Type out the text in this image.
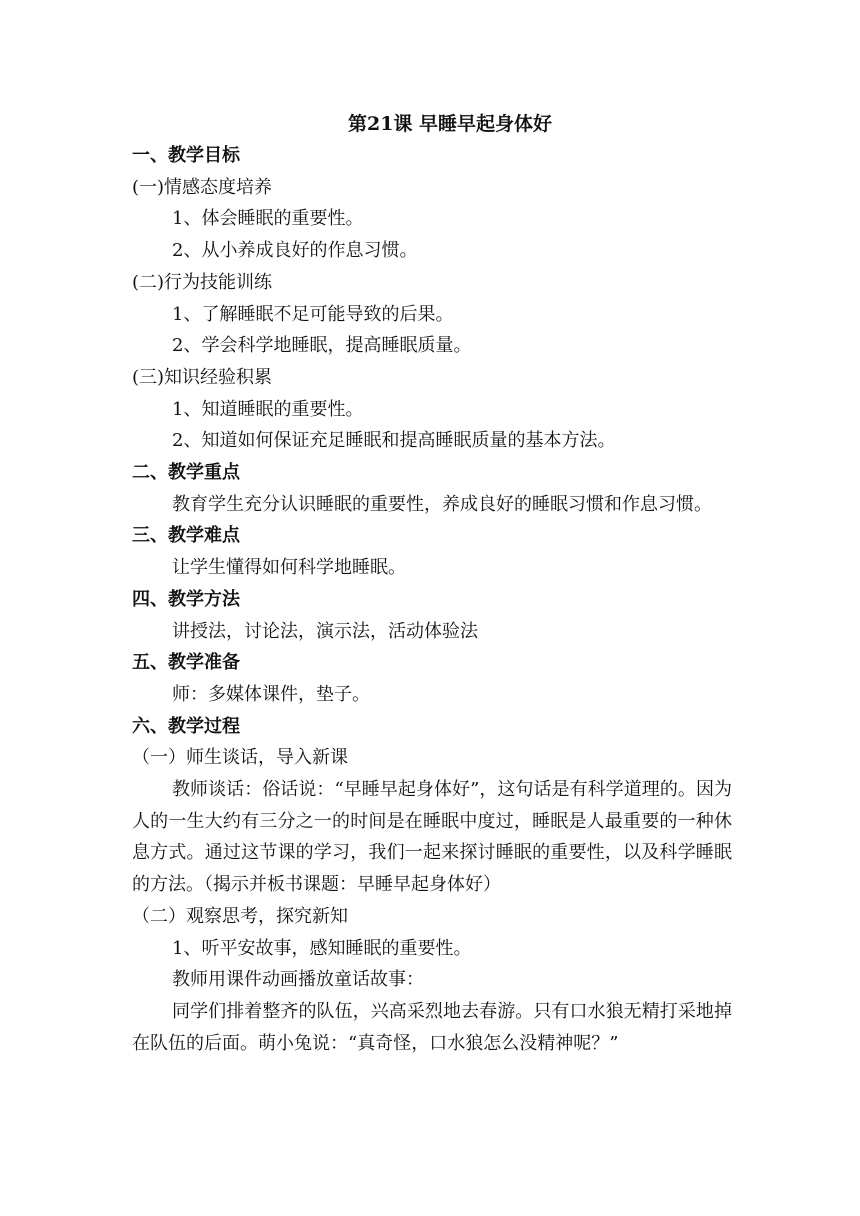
第21课 早睡早起身体好

一、教学目标

(一)情感态度培养

1、体会睡眠的重要性。

2、从小养成良好的作息习惯。

(二)行为技能训练

1、了解睡眠不足可能导致的后果。

2、学会科学地睡眠，提高睡眠质量。

(三)知识经验积累

1、知道睡眠的重要性。

2、知道如何保证充足睡眠和提高睡眠质量的基本方法。

二、教学重点

教育学生充分认识睡眠的重要性，养成良好的睡眠习惯和作息习惯。

三、教学难点

让学生懂得如何科学地睡眠。

四、教学方法

讲授法，讨论法，演示法，活动体验法

五、教学准备

师：多媒体课件，垫子。

六、教学过程

（一）师生谈话，导入新课

教师谈话：俗话说：“早睡早起身体好”，这句话是有科学道理的。因为人的一生大约有三分之一的时间是在睡眠中度过，睡眠是人最重要的一种休息方式。通过这节课的学习，我们一起来探讨睡眠的重要性，以及科学睡眠的方法。（揭示并板书课题：早睡早起身体好）

（二）观察思考，探究新知

1、听平安故事，感知睡眠的重要性。

教师用课件动画播放童话故事：

同学们排着整齐的队伍，兴高采烈地去春游。只有口水狼无精打采地掉在队伍的后面。萌小兔说：“真奇怪，口水狼怎么没精神呢？”
